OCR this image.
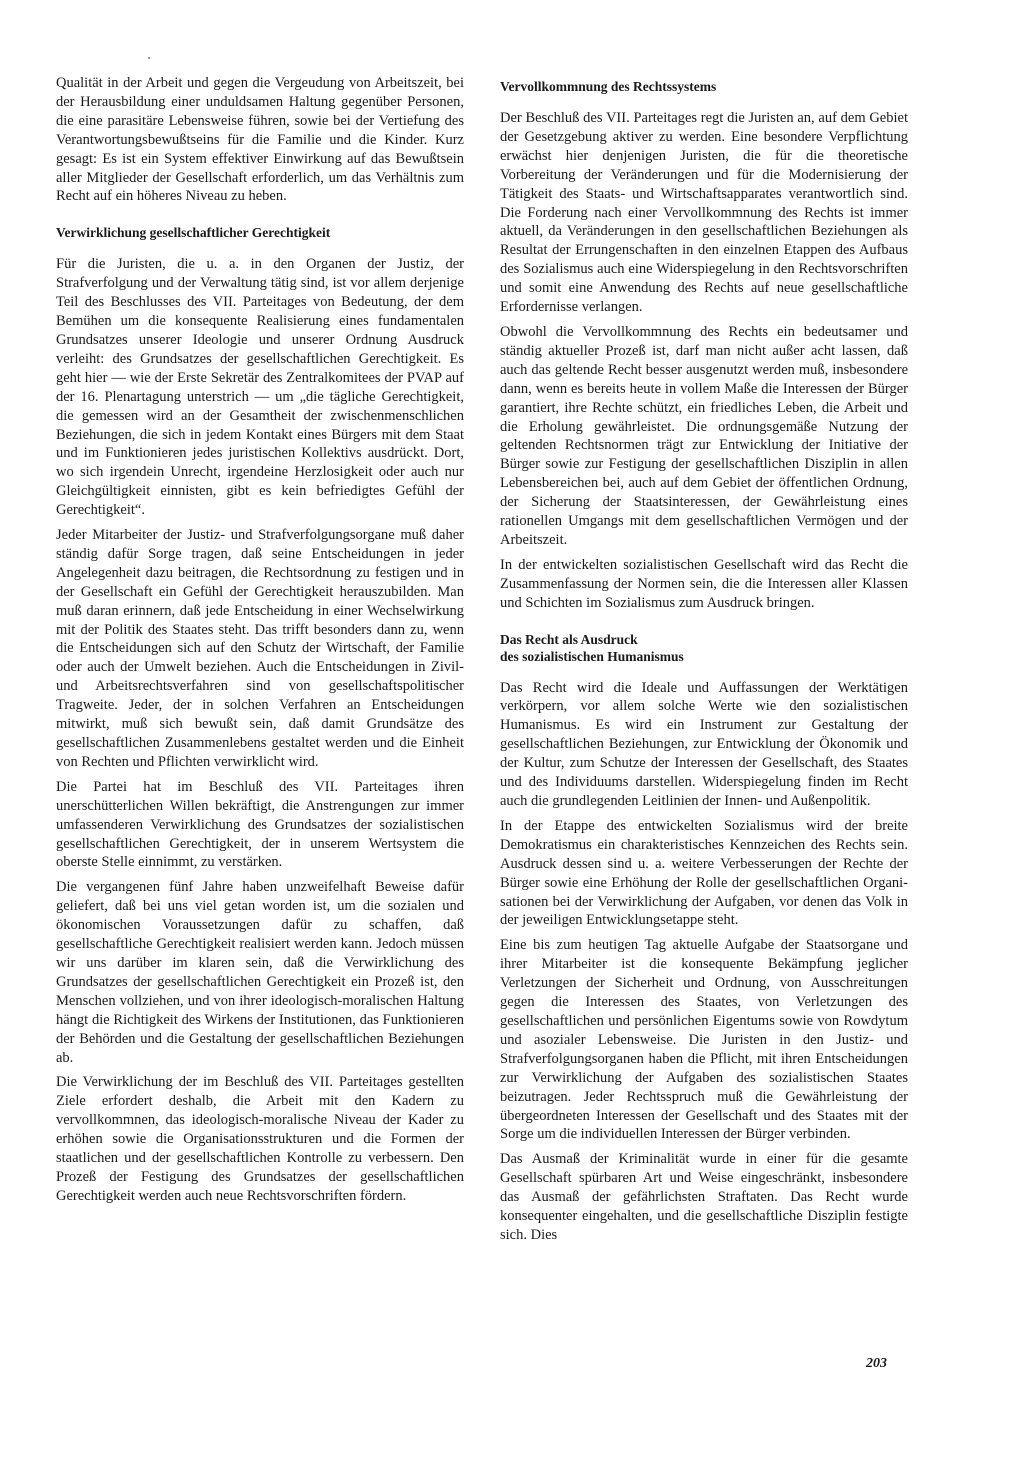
Qualität in der Arbeit und gegen die Vergeudung von Arbeitszeit, bei der Herausbildung einer unduldsamen Haltung gegenüber Personen, die eine parasitäre Lebensweise führen, sowie bei der Vertiefung des Verantwortungsbewußtseins für die Familie und die Kinder. Kurz gesagt: Es ist ein System effektiver Einwirkung auf das Bewußtsein aller Mitglieder der Gesellschaft erforderlich, um das Verhältnis zum Recht auf ein höheres Niveau zu heben.

Verwirklichung gesellschaftlicher Gerechtigkeit

Für die Juristen, die u. a. in den Organen der Justiz, der Strafverfolgung und der Verwaltung tätig sind, ist vor allem derjenige Teil des Beschlusses des VII. Parteitages von Bedeutung, der dem Bemühen um die konsequente Realisierung eines fundamentalen Grundsatzes unserer Ideologie und unserer Ordnung Ausdruck verleiht: des Grundsatzes der gesellschaftlichen Gerechtigkeit. Es geht hier — wie der Erste Sekretär des Zentralkomitees der PVAP auf der 16. Plenartagung unterstrich — um „die tägliche Gerechtigkeit, die gemessen wird an der Gesamtheit der zwischenmenschlichen Beziehungen, die sich in jedem Kontakt eines Bürgers mit dem Staat und im Funktionieren jedes juristischen Kollektivs ausdrückt. Dort, wo sich irgendein Unrecht, irgendeine Herzlosigkeit oder auch nur Gleichgültigkeit einnisten, gibt es kein befriedigtes Gefühl der Gerechtigkeit“.

Jeder Mitarbeiter der Justiz- und Strafverfolgungsorgane muß daher ständig dafür Sorge tragen, daß seine Entscheidungen in jeder Angelegenheit dazu beitragen, die Rechtsordnung zu festigen und in der Gesellschaft ein Gefühl der Gerechtigkeit herauszubilden. Man muß daran erinnern, daß jede Entscheidung in einer Wechselwirkung mit der Politik des Staates steht. Das trifft besonders dann zu, wenn die Entscheidungen sich auf den Schutz der Wirtschaft, der Familie oder auch der Umwelt beziehen. Auch die Entscheidungen in Zivil- und Arbeitsrechtsverfahren sind von gesellschaftspolitischer Tragweite. Jeder, der in solchen Verfahren an Entscheidungen mitwirkt, muß sich bewußt sein, daß damit Grundsätze des gesellschaftlichen Zusammenlebens gestaltet werden und die Einheit von Rechten und Pflichten verwirklicht wird.

Die Partei hat im Beschluß des VII. Parteitages ihren unerschütterlichen Willen bekräftigt, die Anstrengungen zur immer umfassenderen Verwirklichung des Grundsatzes der sozialistischen gesellschaftlichen Gerechtigkeit, der in unserem Wertsystem die oberste Stelle einnimmt, zu verstärken.

Die vergangenen fünf Jahre haben unzweifelhaft Beweise dafür geliefert, daß bei uns viel getan worden ist, um die sozialen und ökonomischen Voraussetzungen dafür zu schaffen, daß gesellschaftliche Gerechtigkeit realisiert werden kann. Jedoch müssen wir uns darüber im klaren sein, daß die Verwirklichung des Grundsatzes der gesellschaftlichen Gerechtigkeit ein Prozeß ist, den Menschen vollziehen, und von ihrer ideologisch-moralischen Haltung hängt die Richtigkeit des Wirkens der Institutionen, das Funktionieren der Behörden und die Gestaltung der gesellschaftlichen Beziehungen ab.

Die Verwirklichung der im Beschluß des VII. Parteitages gestellten Ziele erfordert deshalb, die Arbeit mit den Kadern zu vervollkommnen, das ideologisch-moralische Niveau der Kader zu erhöhen sowie die Organisationsstrukturen und die Formen der staatlichen und der gesellschaftlichen Kontrolle zu verbessern. Den Prozeß der Festigung des Grundsatzes der gesellschaftlichen Gerechtigkeit werden auch neue Rechtsvorschriften fördern.

Vervollkommnung des Rechtssystems

Der Beschluß des VII. Parteitages regt die Juristen an, auf dem Gebiet der Gesetzgebung aktiver zu werden. Eine besondere Verpflichtung erwächst hier denjenigen Juristen, die für die theoretische Vorbereitung der Veränderungen und für die Modernisierung der Tätigkeit des Staats- und Wirtschaftsapparates verantwortlich sind. Die Forderung nach einer Vervollkommnung des Rechts ist immer aktuell, da Veränderungen in den gesellschaftlichen Beziehungen als Resultat der Errungenschaften in den einzelnen Etappen des Aufbaus des Sozialismus auch eine Widerspiegelung in den Rechtsvorschriften und somit eine Anwendung des Rechts auf neue gesellschaftliche Erfordernisse verlangen.

Obwohl die Vervollkommnung des Rechts ein bedeutsamer und ständig aktueller Prozeß ist, darf man nicht außer acht lassen, daß auch das geltende Recht besser ausgenutzt werden muß, insbesondere dann, wenn es bereits heute in vollem Maße die Interessen der Bürger garantiert, ihre Rechte schützt, ein friedliches Leben, die Arbeit und die Erholung gewährleistet. Die ordnungsgemäße Nutzung der geltenden Rechtsnormen trägt zur Entwicklung der Initiative der Bürger sowie zur Festigung der gesellschaftlichen Disziplin in allen Lebensbereichen bei, auch auf dem Gebiet der öffentlichen Ordnung, der Sicherung der Staatsinteressen, der Gewährleistung eines rationellen Umgangs mit dem gesellschaftlichen Vermögen und der Arbeitszeit.

In der entwickelten sozialistischen Gesellschaft wird das Recht die Zusammenfassung der Normen sein, die die Interessen aller Klassen und Schichten im Sozialismus zum Ausdruck bringen.

Das Recht als Ausdruck
des sozialistischen Humanismus

Das Recht wird die Ideale und Auffassungen der Werktätigen verkörpern, vor allem solche Werte wie den sozialistischen Humanismus. Es wird ein Instrument zur Gestaltung der gesellschaftlichen Beziehungen, zur Entwicklung der Ökonomik und der Kultur, zum Schutze der Interessen der Gesellschaft, des Staates und des Individuums darstellen. Widerspiegelung finden im Recht auch die grundlegenden Leitlinien der Innen- und Außenpolitik.

In der Etappe des entwickelten Sozialismus wird der breite Demokratismus ein charakteristisches Kennzeichen des Rechts sein. Ausdruck dessen sind u. a. weitere Verbesserungen der Rechte der Bürger sowie eine Erhöhung der Rolle der gesellschaftlichen Organisationen bei der Verwirklichung der Aufgaben, vor denen das Volk in der jeweiligen Entwicklungsetappe steht.

Eine bis zum heutigen Tag aktuelle Aufgabe der Staatsorgane und ihrer Mitarbeiter ist die konsequente Bekämpfung jeglicher Verletzungen der Sicherheit und Ordnung, von Ausschreitungen gegen die Interessen des Staates, von Verletzungen des gesellschaftlichen und persönlichen Eigentums sowie von Rowdytum und asozialer Lebensweise. Die Juristen in den Justiz- und Strafverfolgungsorganen haben die Pflicht, mit ihren Entscheidungen zur Verwirklichung der Aufgaben des sozialistischen Staates beizutragen. Jeder Rechtsspruch muß die Gewährleistung der übergeordneten Interessen der Gesellschaft und des Staates mit der Sorge um die individuellen Interessen der Bürger verbinden.

Das Ausmaß der Kriminalität wurde in einer für die gesamte Gesellschaft spürbaren Art und Weise eingeschränkt, insbesondere das Ausmaß der gefährlichsten Straftaten. Das Recht wurde konsequenter eingehalten, und die gesellschaftliche Disziplin festigte sich. Dies

203
